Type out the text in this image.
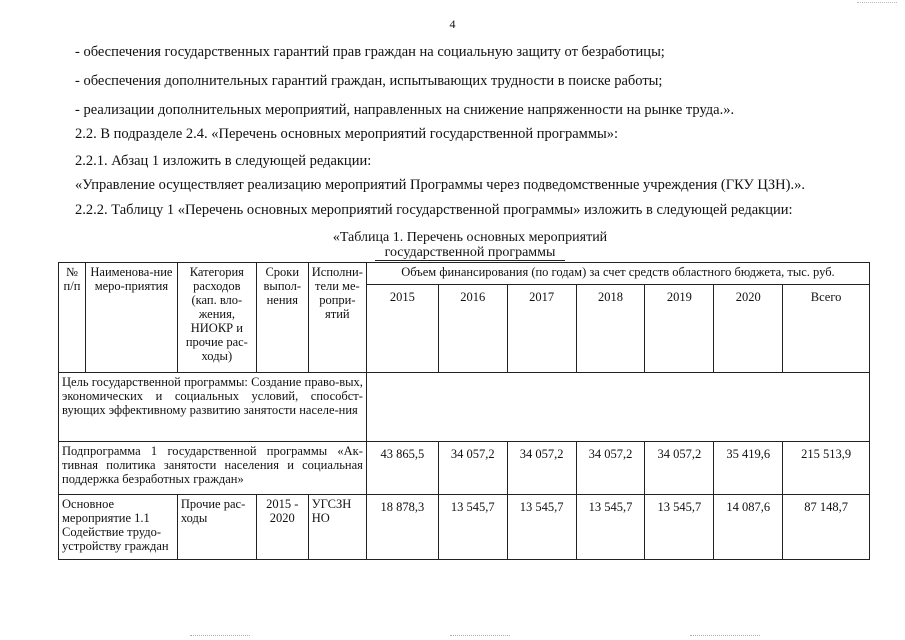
4
- обеспечения государственных гарантий прав граждан на социальную защиту от безработицы;
- обеспечения дополнительных гарантий граждан, испытывающих трудности в поиске работы;
- реализации дополнительных мероприятий, направленных на снижение напряженности на рынке труда.».
2.2. В подразделе 2.4. «Перечень основных мероприятий государственной программы»:
2.2.1. Абзац 1 изложить в следующей редакции:
«Управление осуществляет реализацию мероприятий Программы через подведомственные учреждения (ГКУ ЦЗН).».
2.2.2. Таблицу 1 «Перечень основных мероприятий государственной программы» изложить в следующей редакции:
«Таблица 1. Перечень основных мероприятий

государственной программы
№ п/п	Наименова-ние меро-приятия	Категория расходов (кап. вло-жения, НИОКР и прочие рас-ходы)	Сроки выпол-нения	Исполни-тели ме-ропри-ятий	Объем финансирования (по годам) за счет средств областного бюджета, тыс. руб.						
					2015	2016	2017	2018	2019	2020	Всего
Цель государственной программы: Создание право-вых, экономических и социальных условий, способст-вующих эффективному развитию занятости населе-ния											
Подпрограмма 1 государственной программы «Ак-тивная политика занятости населения и социальная поддержка безработных граждан»					43 865,5	34 057,2	34 057,2	34 057,2	34 057,2	35 419,6	215 513,9
Основное мероприятие 1.1 Содействие трудо-устройству граждан		Прочие рас-ходы	2015 - 2020	УГСЗН НО	18 878,3	13 545,7	13 545,7	13 545,7	13 545,7	14 087,6	87 148,7
